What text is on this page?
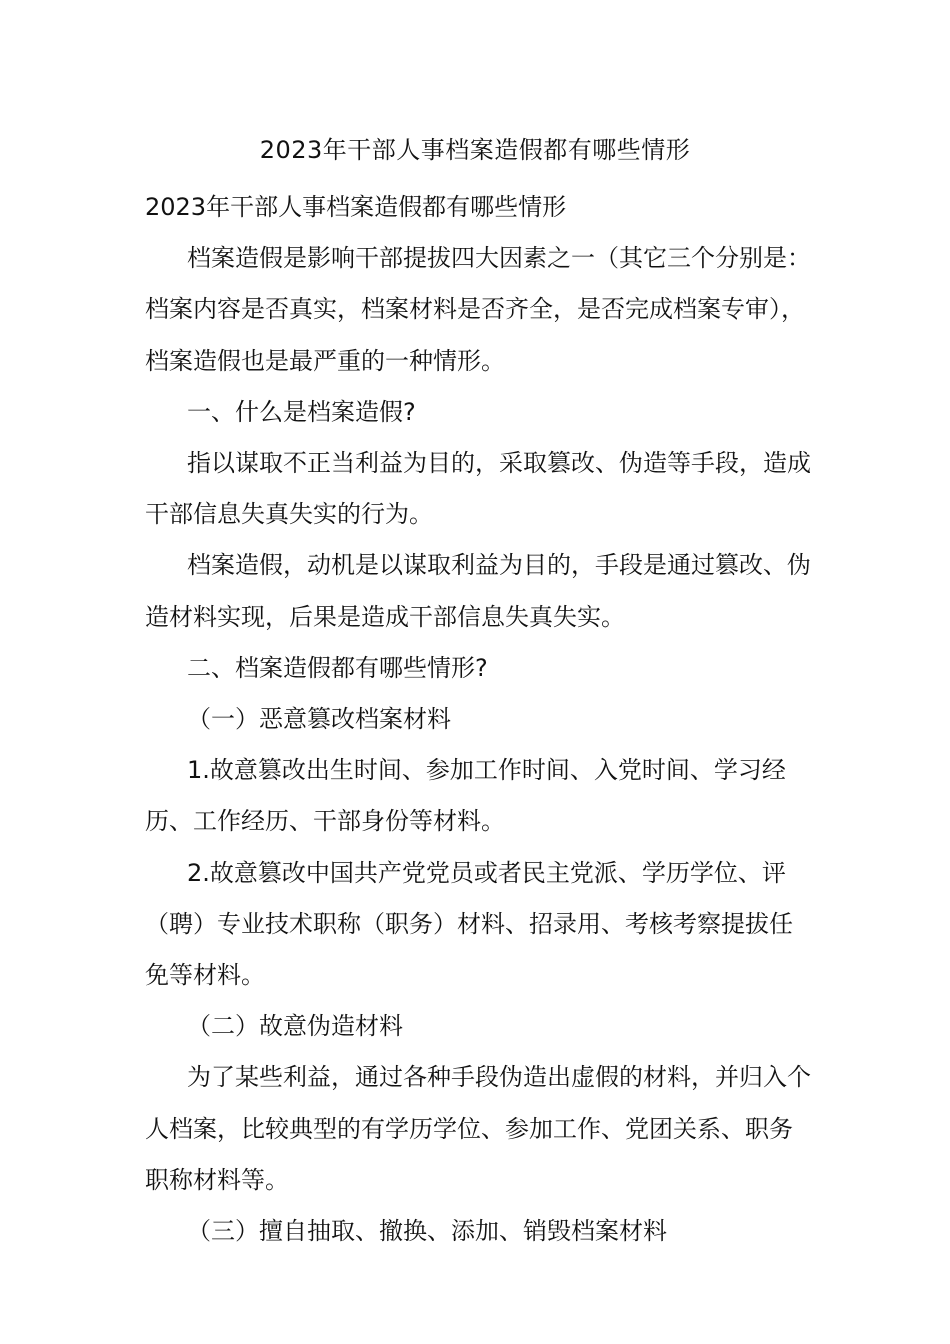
2023年干部人事档案造假都有哪些情形

2023年干部人事档案造假都有哪些情形

档案造假是影响干部提拔四大因素之一（其它三个分别是：档案内容是否真实，档案材料是否齐全，是否完成档案专审），档案造假也是最严重的一种情形。

一、什么是档案造假?

指以谋取不正当利益为目的，采取篡改、伪造等手段，造成干部信息失真失实的行为。

档案造假，动机是以谋取利益为目的，手段是通过篡改、伪造材料实现，后果是造成干部信息失真失实。

二、档案造假都有哪些情形?

（一）恶意篡改档案材料

1.故意篡改出生时间、参加工作时间、入党时间、学习经历、工作经历、干部身份等材料。

2.故意篡改中国共产党党员或者民主党派、学历学位、评（聘）专业技术职称（职务）材料、招录用、考核考察提拔任免等材料。

（二）故意伪造材料

为了某些利益，通过各种手段伪造出虚假的材料，并归入个人档案，比较典型的有学历学位、参加工作、党团关系、职务职称材料等。

（三）擅自抽取、撤换、添加、销毁档案材料
